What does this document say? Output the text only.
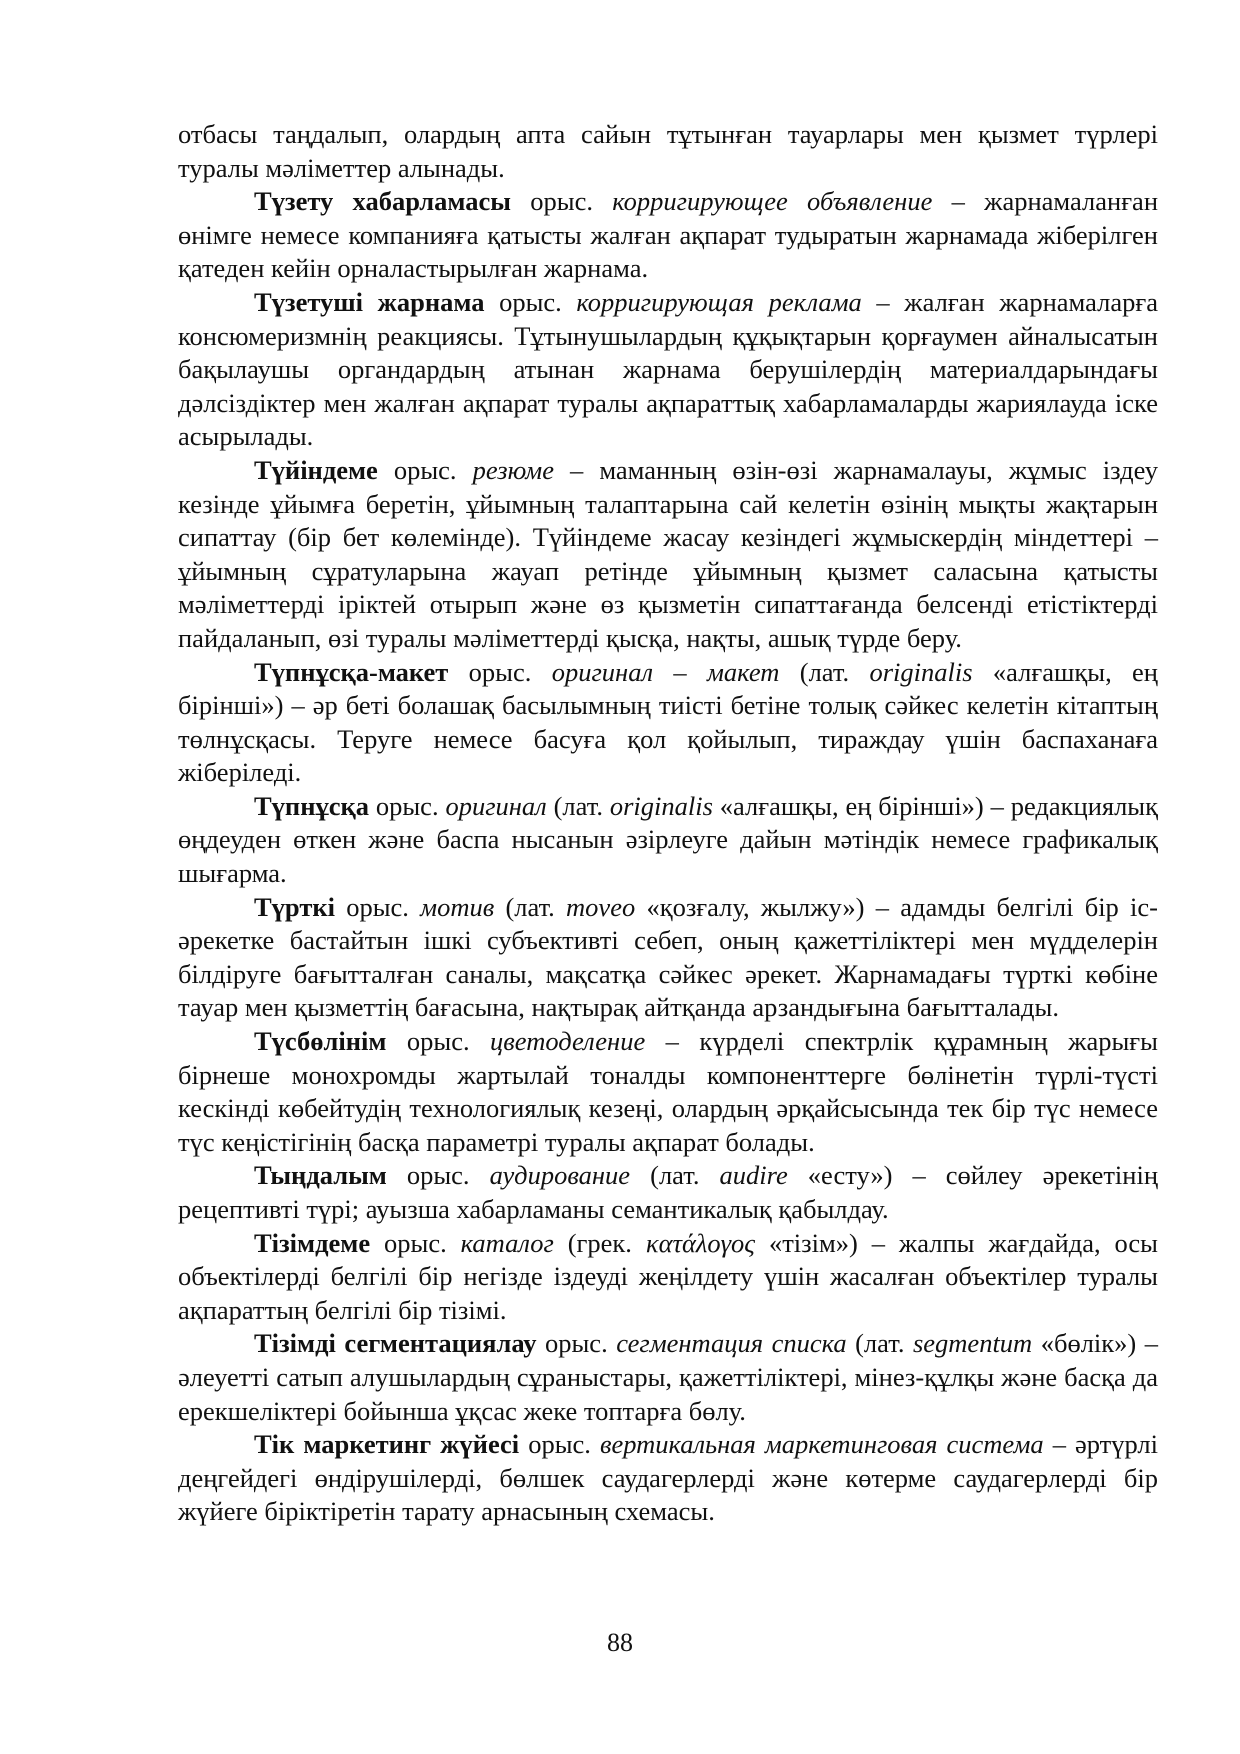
отбасы таңдалып, олардың апта сайын тұтынған тауарлары мен қызмет түрлері туралы мәліметтер алынады.

Түзету хабарламасы орыс. корригирующее объявление – жарнамаланған өнімге немесе компанияға қатысты жалған ақпарат тудыратын жарнамада жіберілген қатеден кейін орналастырылған жарнама.

Түзетуші жарнама орыс. корригирующая реклама – жалған жарнамаларға консюмеризмнің реакциясы. Тұтынушылардың құқықтарын қорғаумен айналысатын бақылаушы органдардың атынан жарнама берушілердің материалдарындағы дәлсіздіктер мен жалған ақпарат туралы ақпараттық хабарламаларды жариялауда іске асырылады.

Түйіндеме орыс. резюме – маманның өзін-өзі жарнамалауы, жұмыс іздеу кезінде ұйымға беретін, ұйымның талаптарына сай келетін өзінің мықты жақтарын сипаттау (бір бет көлемінде). Түйіндеме жасау кезіндегі жұмыскердің міндеттері – ұйымның сұратуларына жауап ретінде ұйымның қызмет саласына қатысты мәліметтерді іріктей отырып және өз қызметін сипаттағанда белсенді етістіктерді пайдаланып, өзі туралы мәліметтерді қысқа, нақты, ашық түрде беру.

Түпнұсқа-макет орыс. оригинал – макет (лат. originalis «алғашқы, ең бірінші») – әр беті болашақ басылымның тиісті бетіне толық сәйкес келетін кітаптың төлнұсқасы. Теруге немесе басуға қол қойылып, тираждау үшін баспаханаға жіберіледі.

Түпнұсқа орыс. оригинал (лат. originalis «алғашқы, ең бірінші») – редакциялық өңдеуден өткен және баспа нысанын әзірлеуге дайын мәтіндік немесе графикалық шығарма.

Түрткі орыс. мотив (лат. moveo «қозғалу, жылжу») – адамды белгілі бір іс-әрекетке бастайтын ішкі субъективті себеп, оның қажеттіліктері мен мүдделерін білдіруге бағытталған саналы, мақсатқа сәйкес әрекет. Жарнамадағы түрткі көбіне тауар мен қызметтің бағасына, нақтырақ айтқанда арзандығына бағытталады.

Түсбөлінім орыс. цветоделение – күрделі спектрлік құрамның жарығы бірнеше монохромды жартылай тоналды компоненттерге бөлінетін түрлі-түсті кескінді көбейтудің технологиялық кезеңі, олардың әрқайсысында тек бір түс немесе түс кеңістігінің басқа параметрі туралы ақпарат болады.

Тыңдалым орыс. аудирование (лат. audire «есту») – сөйлеу әрекетінің рецептивті түрі; ауызша хабарламаны семантикалық қабылдау.

Тізімдеме орыс. каталог (грек. κατάλογος «тізім») – жалпы жағдайда, осы объектілерді белгілі бір негізде іздеуді жеңілдету үшін жасалған объектілер туралы ақпараттың белгілі бір тізімі.

Тізімді сегментациялау орыс. сегментация списка (лат. segmentum «бөлік») – әлеуетті сатып алушылардың сұраныстары, қажеттіліктері, мінез-құлқы және басқа да ерекшеліктері бойынша ұқсас жеке топтарға бөлу.

Тік маркетинг жүйесі орыс. вертикальная маркетинговая система – әртүрлі деңгейдегі өндірушілерді, бөлшек саудагерлерді және көтерме саудагерлерді бір жүйеге біріктіретін тарату арнасының схемасы.

88
